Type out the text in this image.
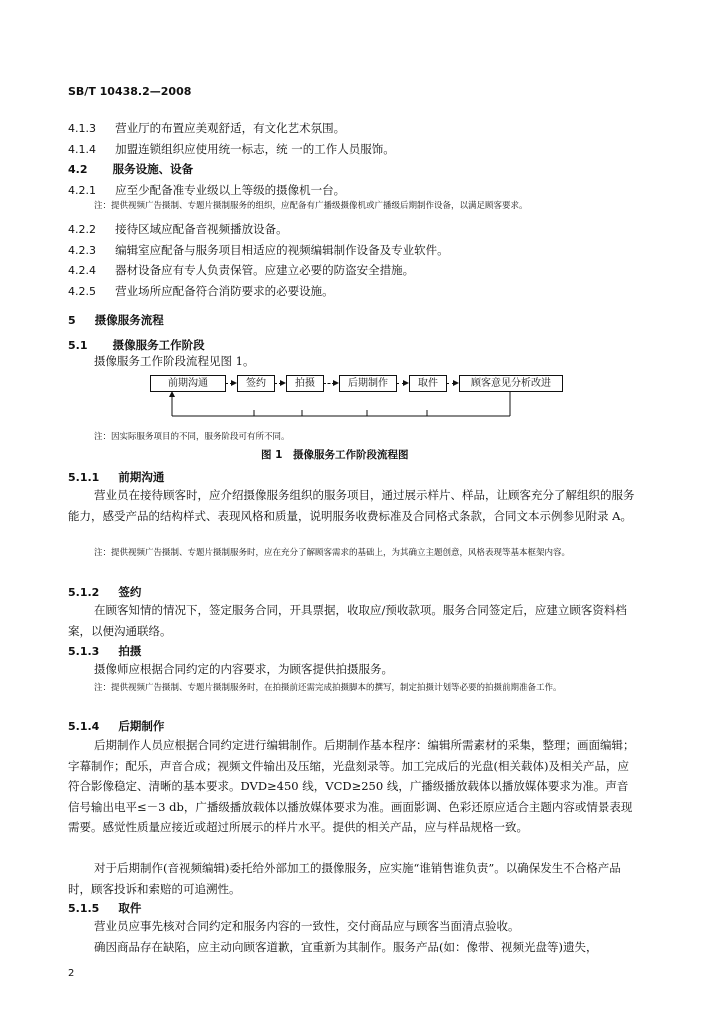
SB/T 10438.2—2008
4.1.3 营业厅的布置应美观舒适，有文化艺术氛围。
4.1.4 加盟连锁组织应使用统一标志，统 一的工作人员服饰。
4.2 服务设施、设备
4.2.1 应至少配备准专业级以上等级的摄像机一台。
注：提供视频广告摄制、专题片摄制服务的组织，应配备有广播级摄像机或广播级后期制作设备，以满足顾客要求。
4.2.2 接待区域应配备音视频播放设备。
4.2.3 编辑室应配备与服务项目相适应的视频编辑制作设备及专业软件。
4.2.4 器材设备应有专人负责保管。应建立必要的防盗安全措施。
4.2.5 营业场所应配备符合消防要求的必要设施。
5 摄像服务流程
5.1 摄像服务工作阶段
摄像服务工作阶段流程见图 1。
前期沟通	签约	拍摄	后期制作	取件	顾客意见分析改进
注：因实际服务项目的不同，服务阶段可有所不同。
图 1　摄像服务工作阶段流程图
5.1.1 前期沟通
营业员在接待顾客时，应介绍摄像服务组织的服务项目，通过展示样片、样品，让顾客充分了解组织的服务能力，感受产品的结构样式、表现风格和质量，说明服务收费标准及合同格式条款，合同文本示例参见附录 A。
注：提供视频广告摄制、专题片摄制服务时，应在充分了解顾客需求的基础上，为其确立主题创意，风格表现等基本框架内容。
5.1.2 签约
在顾客知情的情况下，签定服务合同，开具票据，收取应/预收款项。服务合同签定后，应建立顾客资料档案，以便沟通联络。
5.1.3 拍摄
摄像师应根据合同约定的内容要求，为顾客提供拍摄服务。
注：提供视频广告摄制、专题片摄制服务时，在拍摄前还需完成拍摄脚本的撰写，制定拍摄计划等必要的拍摄前期准备工作。
5.1.4 后期制作
后期制作人员应根据合同约定进行编辑制作。后期制作基本程序：编辑所需素材的采集，整理；画面编辑；字幕制作；配乐，声音合成；视频文件输出及压缩，光盘刻录等。加工完成后的光盘(相关载体)及相关产品，应符合影像稳定、清晰的基本要求。DVD≥450 线，VCD≥250 线，广播级播放载体以播放媒体要求为准。声音信号输出电平≤－3 db，广播级播放载体以播放媒体要求为准。画面影调、色彩还原应适合主题内容或情景表现需要。感觉性质量应接近或超过所展示的样片水平。提供的相关产品，应与样品规格一致。
对于后期制作(音视频编辑)委托给外部加工的摄像服务，应实施“谁销售谁负责”。以确保发生不合格产品时，顾客投诉和索赔的可追溯性。
5.1.5 取件
营业员应事先核对合同约定和服务内容的一致性，交付商品应与顾客当面清点验收。
确因商品存在缺陷，应主动向顾客道歉，宜重新为其制作。服务产品(如：像带、视频光盘等)遗失，
2
